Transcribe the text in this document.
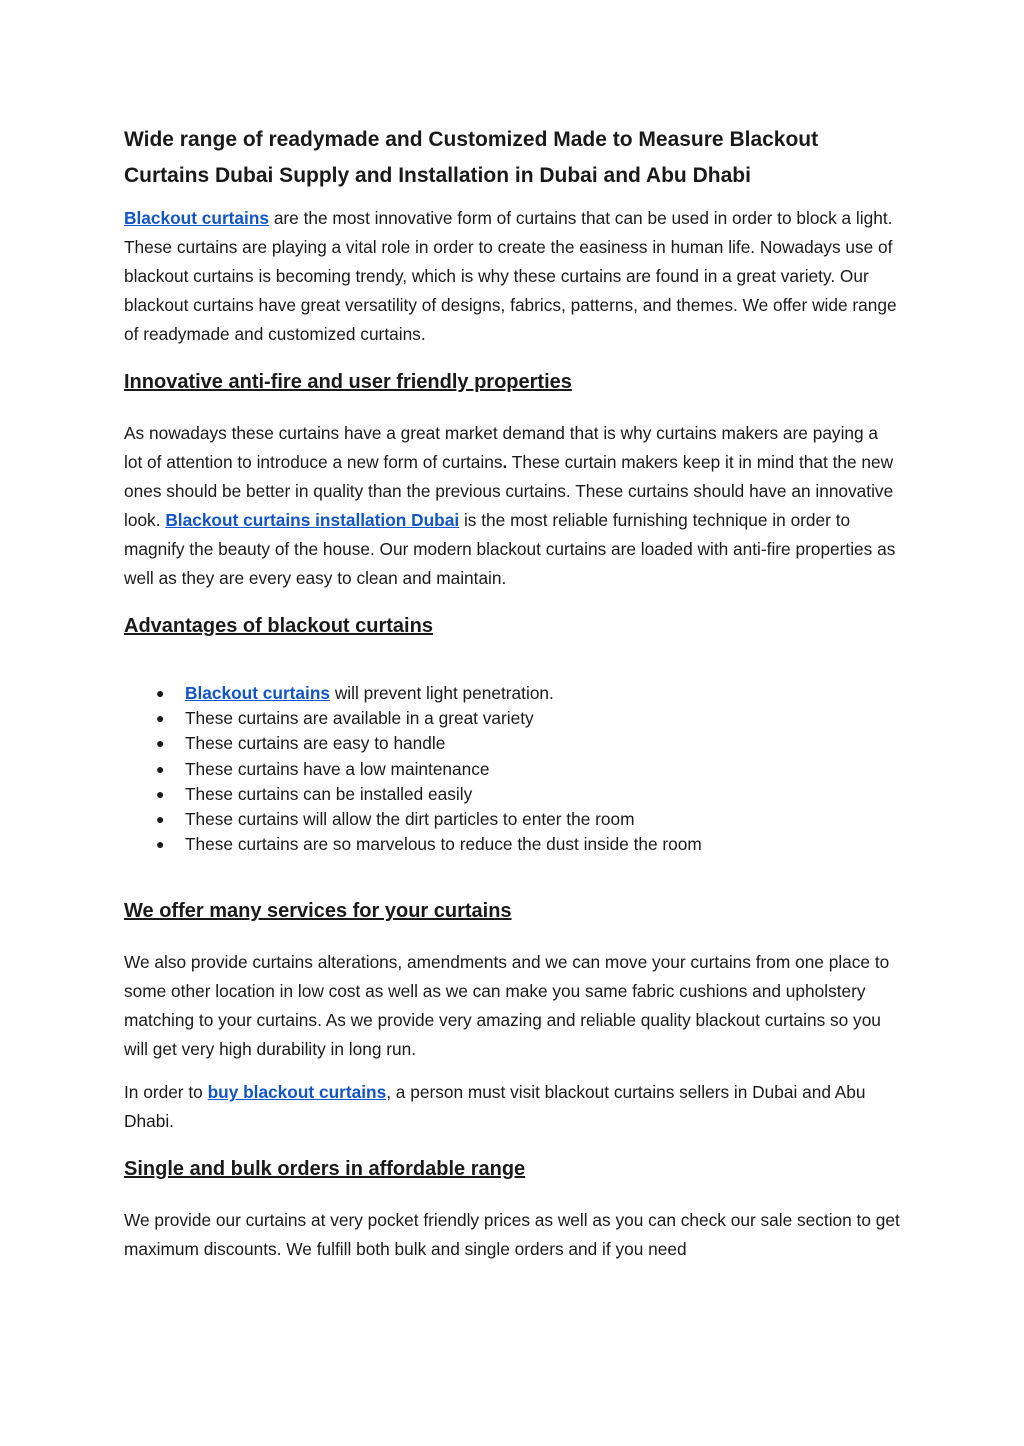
Wide range of readymade and Customized Made to Measure Blackout Curtains Dubai Supply and Installation in Dubai and Abu Dhabi

Blackout curtains are the most innovative form of curtains that can be used in order to block a light. These curtains are playing a vital role in order to create the easiness in human life. Nowadays use of blackout curtains is becoming trendy, which is why these curtains are found in a great variety. Our blackout curtains have great versatility of designs, fabrics, patterns, and themes. We offer wide range of readymade and customized curtains.

Innovative anti-fire and user friendly properties

As nowadays these curtains have a great market demand that is why curtains makers are paying a lot of attention to introduce a new form of curtains. These curtain makers keep it in mind that the new ones should be better in quality than the previous curtains. These curtains should have an innovative look. Blackout curtains installation Dubai is the most reliable furnishing technique in order to magnify the beauty of the house. Our modern blackout curtains are loaded with anti-fire properties as well as they are every easy to clean and maintain.

Advantages of blackout curtains
● Blackout curtains will prevent light penetration.
● These curtains are available in a great variety
● These curtains are easy to handle
● These curtains have a low maintenance
● These curtains can be installed easily
● These curtains will allow the dirt particles to enter the room
● These curtains are so marvelous to reduce the dust inside the room
We offer many services for your curtains

We also provide curtains alterations, amendments and we can move your curtains from one place to some other location in low cost as well as we can make you same fabric cushions and upholstery matching to your curtains. As we provide very amazing and reliable quality blackout curtains so you will get very high durability in long run.

In order to buy blackout curtains, a person must visit blackout curtains sellers in Dubai and Abu Dhabi.

Single and bulk orders in affordable range

We provide our curtains at very pocket friendly prices as well as you can check our sale section to get maximum discounts. We fulfill both bulk and single orders and if you need
